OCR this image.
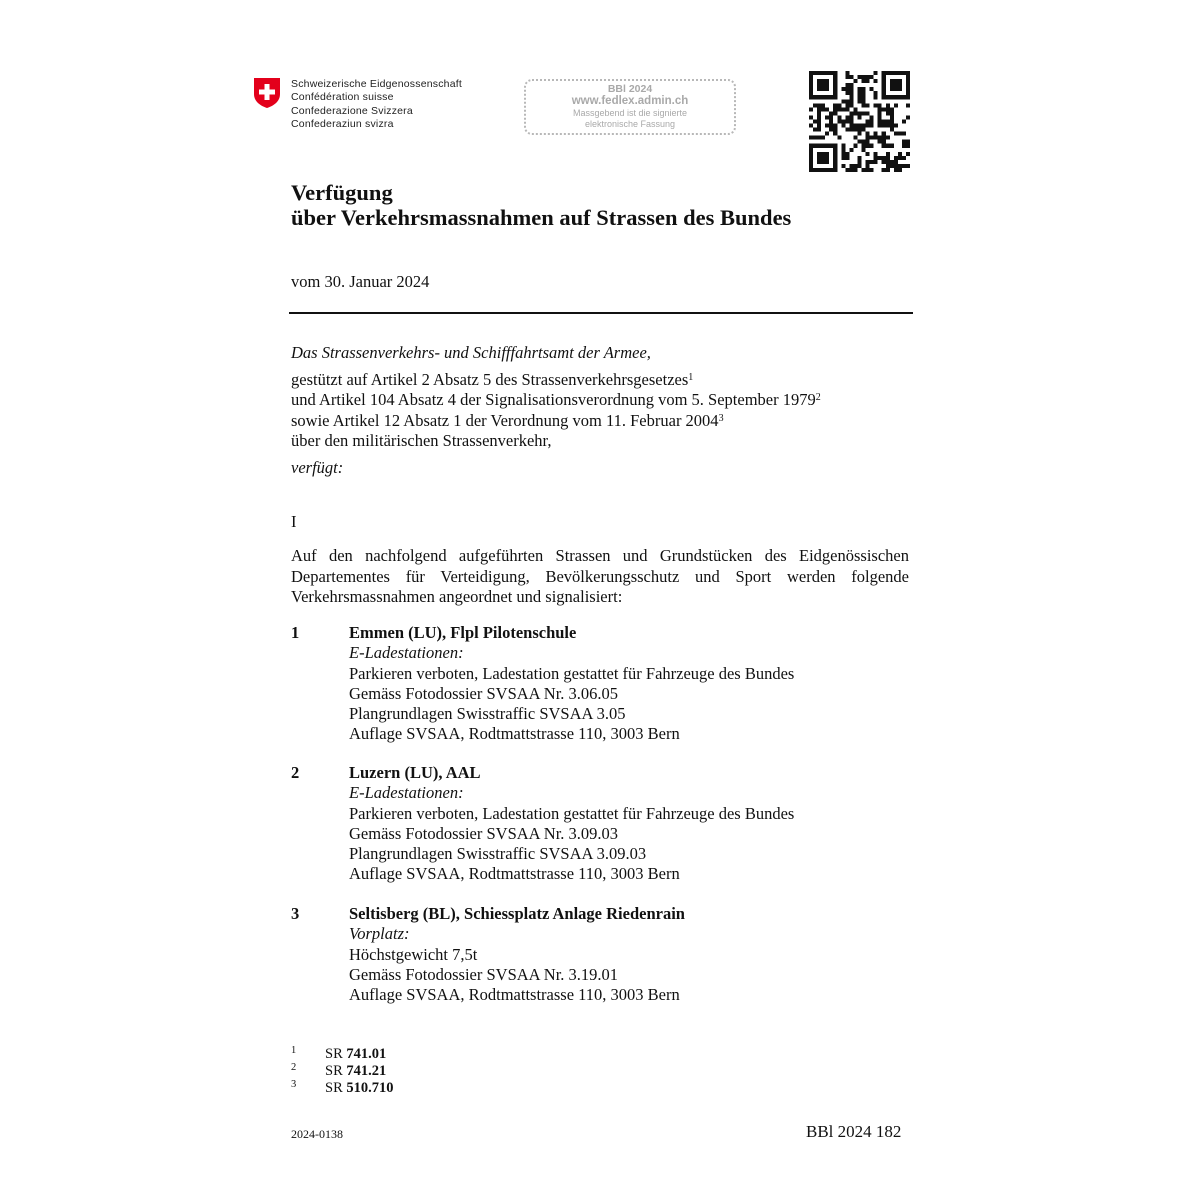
Schweizerische Eidgenossenschaft
Confédération suisse
Confederazione Svizzera
Confederaziun svizra
BBl 2024
www.fedlex.admin.ch
Massgebend ist die signierte
elektronische Fassung
Verfügung
über Verkehrsmassnahmen auf Strassen des Bundes
vom 30. Januar 2024
Das Strassenverkehrs- und Schifffahrtsamt der Armee,
gestützt auf Artikel 2 Absatz 5 des Strassenverkehrsgesetzes$^1$
und Artikel 104 Absatz 4 der Signalisationsverordnung vom 5. September 1979$^2$
sowie Artikel 12 Absatz 1 der Verordnung vom 11. Februar 2004$^3$
über den militärischen Strassenverkehr,
verfügt:
I
Auf den nachfolgend aufgeführten Strassen und Grundstücken des Eidgenössischen Departementes für Verteidigung, Bevölkerungsschutz und Sport werden folgende Verkehrsmassnahmen angeordnet und signalisiert:
1	Emmen (LU), Flpl Pilotenschule
E-Ladestationen:
Parkieren verboten, Ladestation gestattet für Fahrzeuge des Bundes
Gemäss Fotodossier SVSAA Nr. 3.06.05
Plangrundlagen Swisstraffic SVSAA 3.05
Auflage SVSAA, Rodtmattstrasse 110, 3003 Bern
2	Luzern (LU), AAL
E-Ladestationen:
Parkieren verboten, Ladestation gestattet für Fahrzeuge des Bundes
Gemäss Fotodossier SVSAA Nr. 3.09.03
Plangrundlagen Swisstraffic SVSAA 3.09.03
Auflage SVSAA, Rodtmattstrasse 110, 3003 Bern
3	Seltisberg (BL), Schiessplatz Anlage Riedenrain
Vorplatz:
Höchstgewicht 7,5t
Gemäss Fotodossier SVSAA Nr. 3.19.01
Auflage SVSAA, Rodtmattstrasse 110, 3003 Bern
1 SR 741.01
2 SR 741.21
3 SR 510.710
2024-0138	BBl 2024 182
